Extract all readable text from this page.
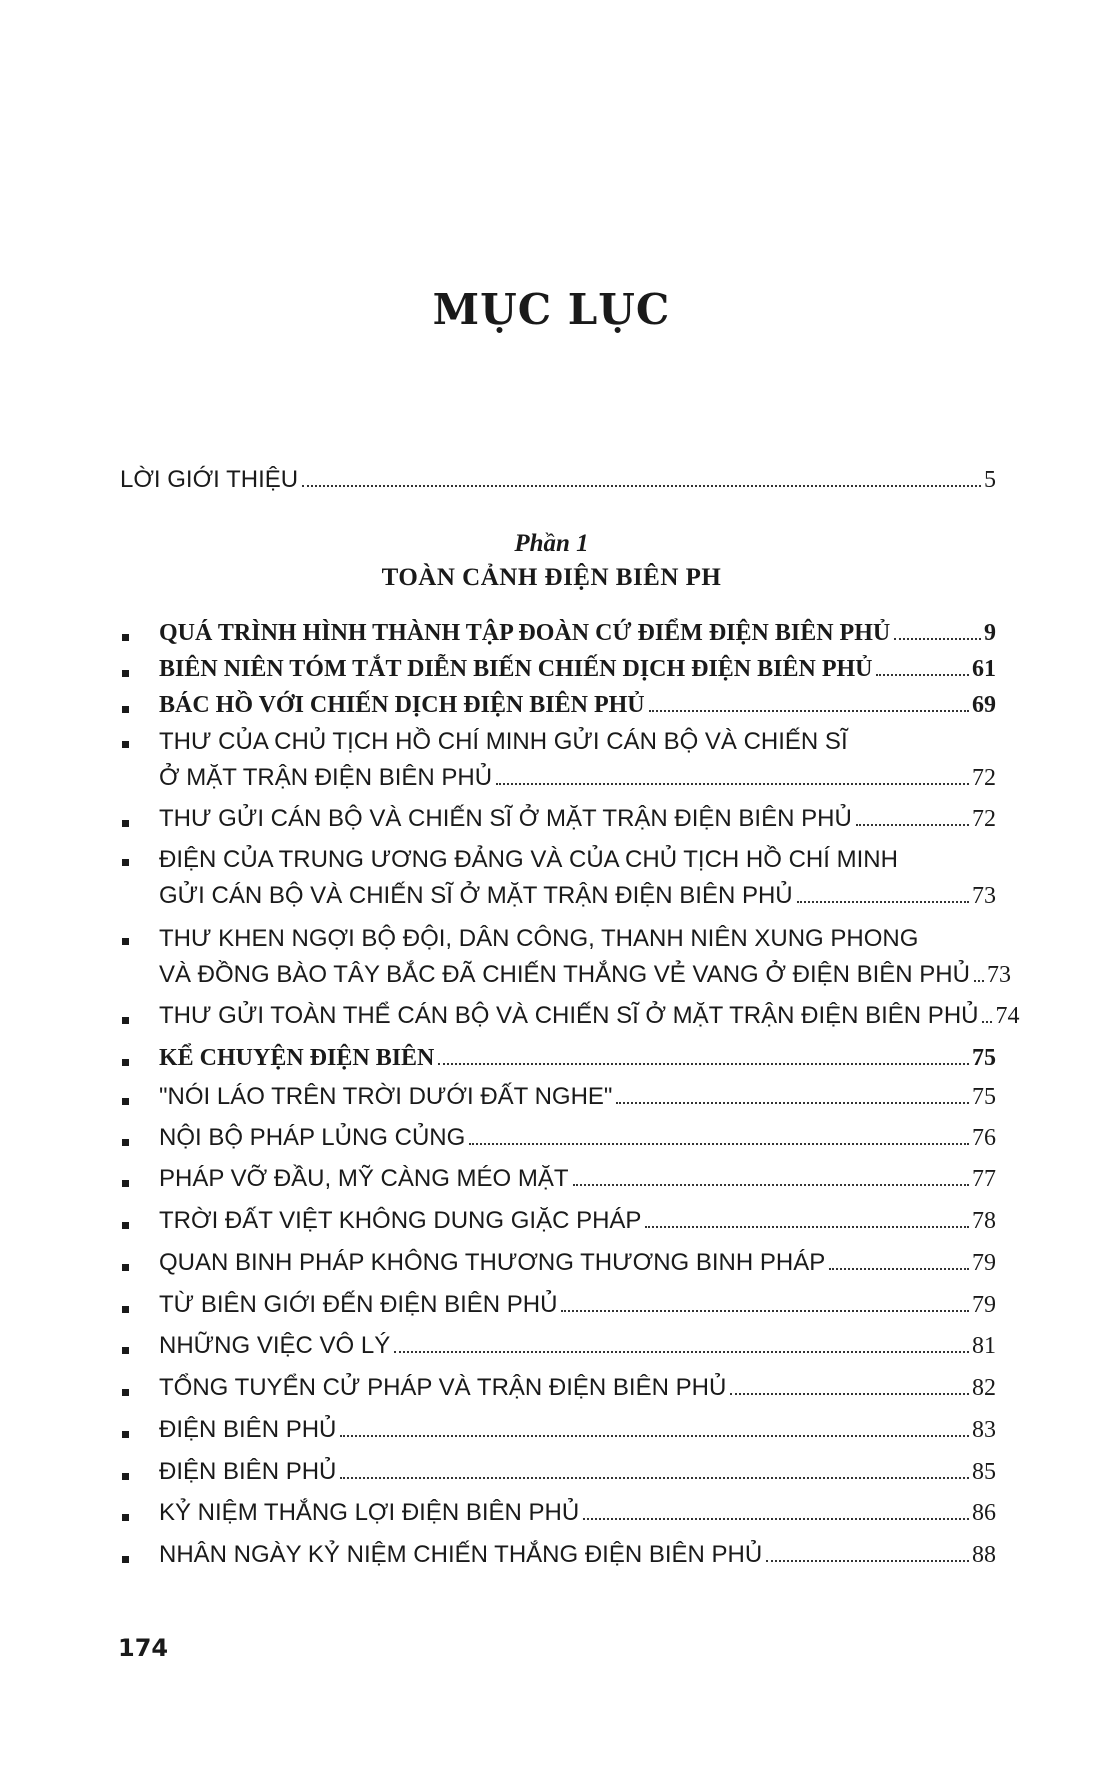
MỤC LỤC
LỜI GIỚI THIỆU	5
Phần 1
TOÀN CẢNH ĐIỆN BIÊN PH
QUÁ TRÌNH HÌNH THÀNH TẬP ĐOÀN CỨ ĐIỂM ĐIỆN BIÊN PHỦ	9
BIÊN NIÊN TÓM TẮT DIỄN BIẾN CHIẾN DỊCH ĐIỆN BIÊN PHỦ	61
BÁC HỒ VỚI CHIẾN DỊCH ĐIỆN BIÊN PHỦ	69
THƯ CỦA CHỦ TỊCH HỒ CHÍ MINH GỬI CÁN BỘ VÀ CHIẾN SĨ
Ở MẶT TRẬN ĐIỆN BIÊN PHỦ	72
THƯ GỬI CÁN BỘ VÀ CHIẾN SĨ Ở MẶT TRẬN ĐIỆN BIÊN PHỦ	72
ĐIỆN CỦA TRUNG ƯƠNG ĐẢNG VÀ CỦA CHỦ TỊCH HỒ CHÍ MINH
GỬI CÁN BỘ VÀ CHIẾN SĨ Ở MẶT TRẬN ĐIỆN BIÊN PHỦ	73
THƯ KHEN NGỢI BỘ ĐỘI, DÂN CÔNG, THANH NIÊN XUNG PHONG
VÀ ĐỒNG BÀO TÂY BẮC ĐÃ CHIẾN THẮNG VẺ VANG Ở ĐIỆN BIÊN PHỦ 73
THƯ GỬI TOÀN THỂ CÁN BỘ VÀ CHIẾN SĨ Ở MẶT TRẬN ĐIỆN BIÊN PHỦ 74
KỂ CHUYỆN ĐIỆN BIÊN	75
"NÓI LÁO TRÊN TRỜI DƯỚI ĐẤT NGHE"	75
NỘI BỘ PHÁP LỦNG CỦNG	76
PHÁP VỠ ĐẦU, MỸ CÀNG MÉO MẶT	77
TRỜI ĐẤT VIỆT KHÔNG DUNG GIẶC PHÁP	78
QUAN BINH PHÁP KHÔNG THƯƠNG THƯƠNG BINH PHÁP	79
TỪ BIÊN GIỚI ĐẾN ĐIỆN BIÊN PHỦ	79
NHỮNG VIỆC VÔ LÝ	81
TỔNG TUYỂN CỬ PHÁP VÀ TRẬN ĐIỆN BIÊN PHỦ	82
ĐIỆN BIÊN PHỦ	83
ĐIỆN BIÊN PHỦ	85
KỶ NIỆM THẮNG LỢI ĐIỆN BIÊN PHỦ	86
NHÂN NGÀY KỶ NIỆM CHIẾN THẮNG ĐIỆN BIÊN PHỦ	88
174
